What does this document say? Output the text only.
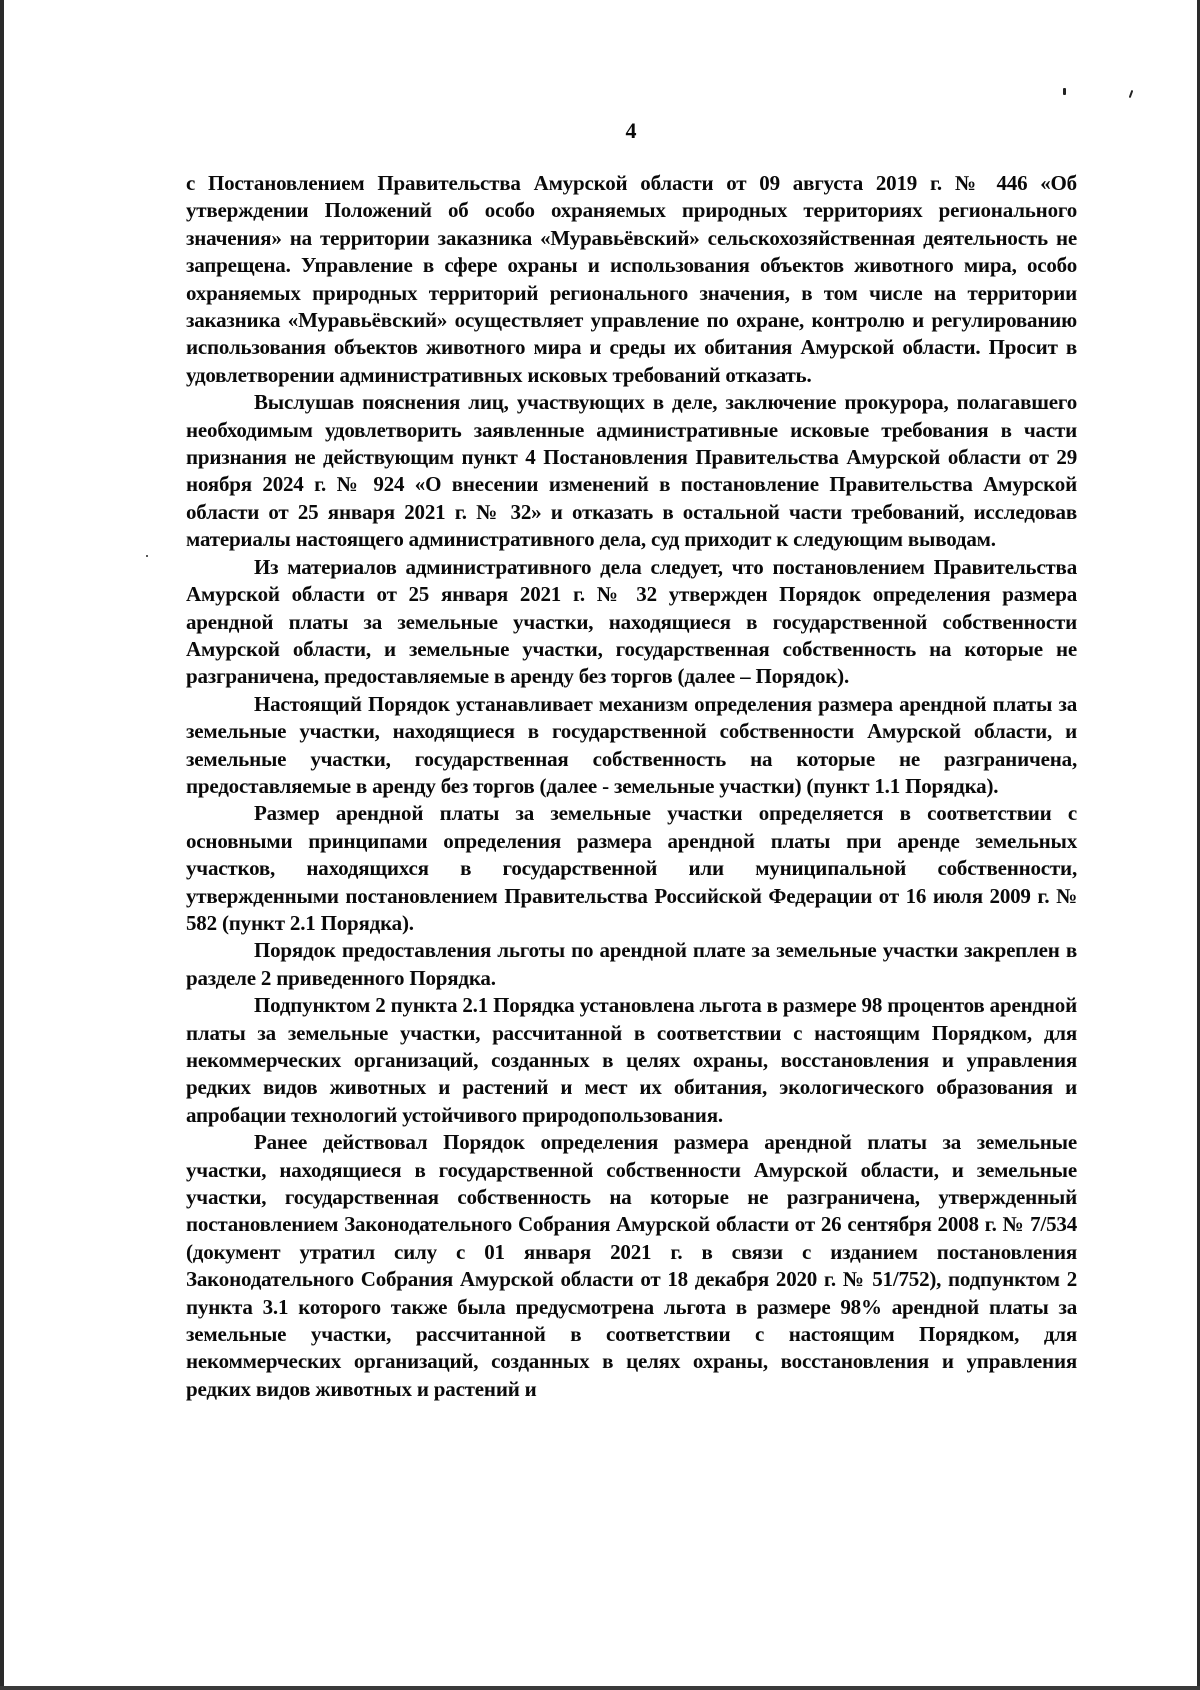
4

с Постановлением Правительства Амурской области от 09 августа 2019 г. № 446 «Об утверждении Положений об особо охраняемых природных территориях регионального значения» на территории заказника «Муравьёвский» сельскохозяйственная деятельность не запрещена. Управление в сфере охраны и использования объектов животного мира, особо охраняемых природных территорий регионального значения, в том числе на территории заказника «Муравьёвский» осуществляет управление по охране, контролю и регулированию использования объектов животного мира и среды их обитания Амурской области. Просит в удовлетворении административных исковых требований отказать.

Выслушав пояснения лиц, участвующих в деле, заключение прокурора, полагавшего необходимым удовлетворить заявленные административные исковые требования в части признания не действующим пункт 4 Постановления Правительства Амурской области от 29 ноября 2024 г. № 924 «О внесении изменений в постановление Правительства Амурской области от 25 января 2021 г. № 32» и отказать в остальной части требований, исследовав материалы настоящего административного дела, суд приходит к следующим выводам.

Из материалов административного дела следует, что постановлением Правительства Амурской области от 25 января 2021 г. № 32 утвержден Порядок определения размера арендной платы за земельные участки, находящиеся в государственной собственности Амурской области, и земельные участки, государственная собственность на которые не разграничена, предоставляемые в аренду без торгов (далее – Порядок).

Настоящий Порядок устанавливает механизм определения размера арендной платы за земельные участки, находящиеся в государственной собственности Амурской области, и земельные участки, государственная собственность на которые не разграничена, предоставляемые в аренду без торгов (далее - земельные участки) (пункт 1.1 Порядка).

Размер арендной платы за земельные участки определяется в соответствии с основными принципами определения размера арендной платы при аренде земельных участков, находящихся в государственной или муниципальной собственности, утвержденными постановлением Правительства Российской Федерации от 16 июля 2009 г. № 582 (пункт 2.1 Порядка).

Порядок предоставления льготы по арендной плате за земельные участки закреплен в разделе 2 приведенного Порядка.

Подпунктом 2 пункта 2.1 Порядка установлена льгота в размере 98 процентов арендной платы за земельные участки, рассчитанной в соответствии с настоящим Порядком, для некоммерческих организаций, созданных в целях охраны, восстановления и управления редких видов животных и растений и мест их обитания, экологического образования и апробации технологий устойчивого природопользования.

Ранее действовал Порядок определения размера арендной платы за земельные участки, находящиеся в государственной собственности Амурской области, и земельные участки, государственная собственность на которые не разграничена, утвержденный постановлением Законодательного Собрания Амурской области от 26 сентября 2008 г. № 7/534 (документ утратил силу с 01 января 2021 г. в связи с изданием постановления Законодательного Собрания Амурской области от 18 декабря 2020 г. № 51/752), подпунктом 2 пункта 3.1 которого также была предусмотрена льгота в размере 98% арендной платы за земельные участки, рассчитанной в соответствии с настоящим Порядком, для некоммерческих организаций, созданных в целях охраны, восстановления и управления редких видов животных и растений и
